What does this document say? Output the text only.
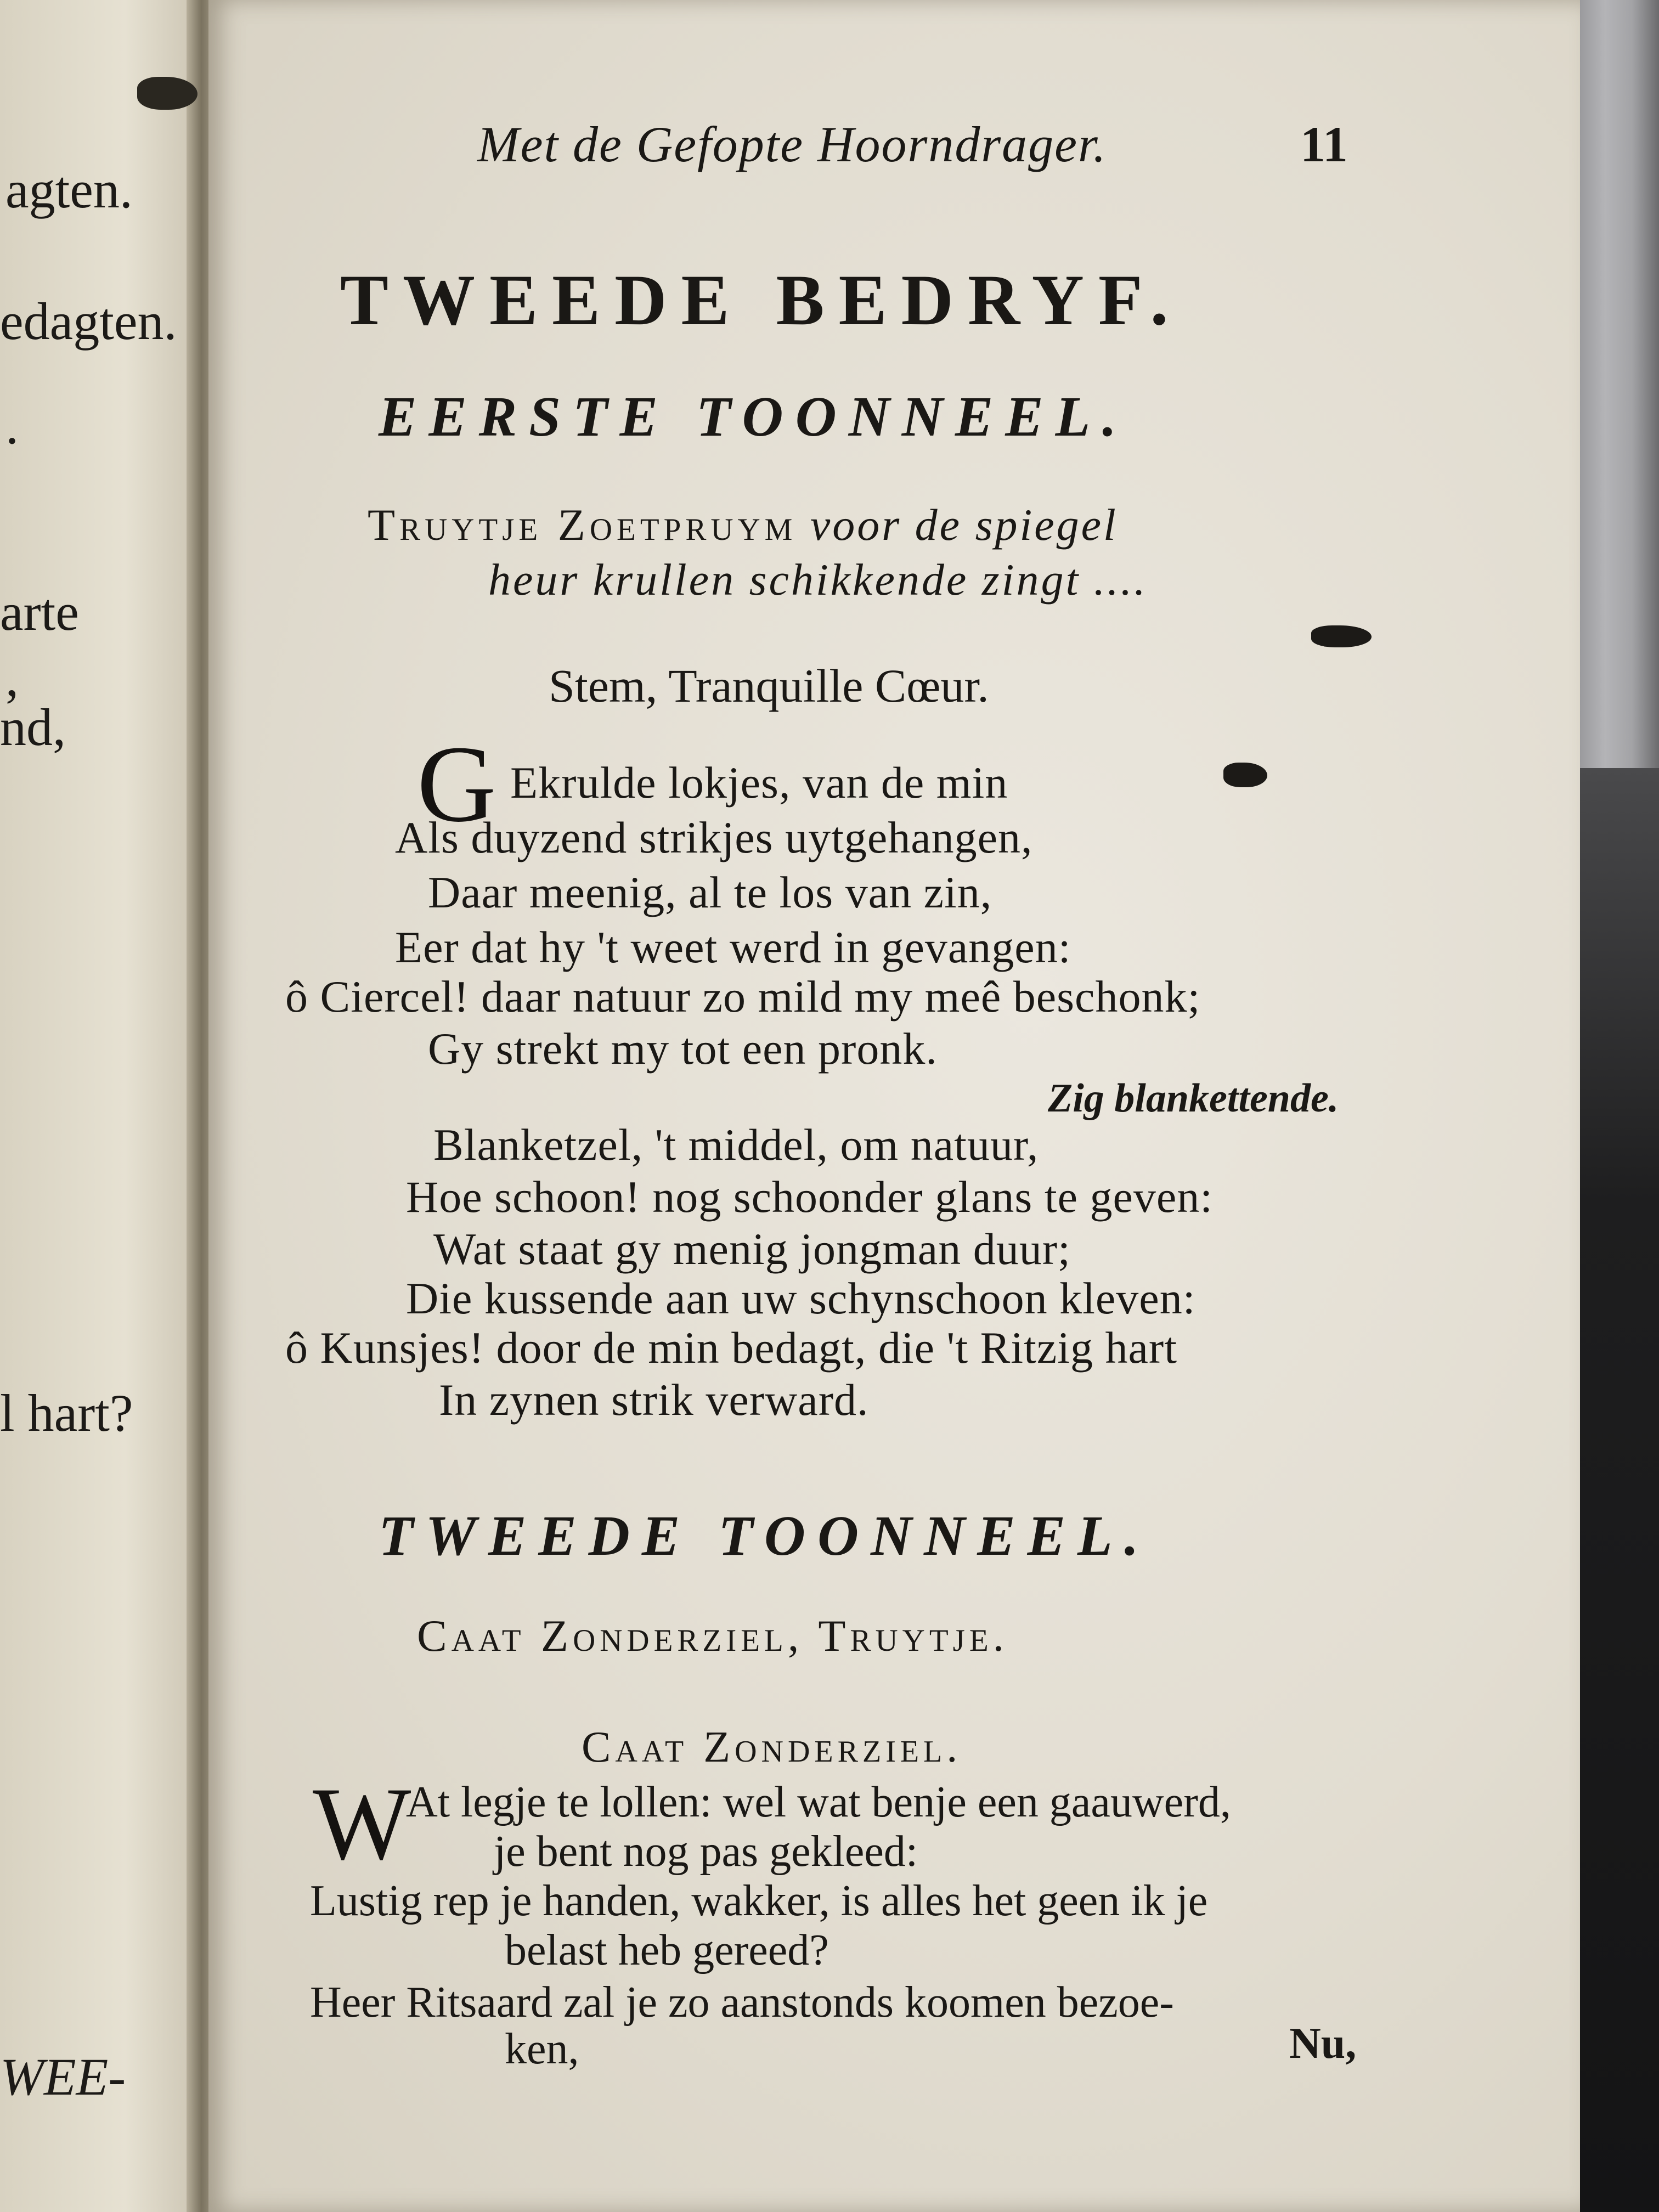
agten.
edagten.
.
arte
,
nd,
l hart?
WEE-
Met de Gefopte Hoorndrager.	11
TWEEDE BEDRYF.
EERSTE TOONNEEL.
Truytje Zoetpruym voor de spiegel
heur krullen schikkende zingt ....
Stem, Tranquille Cœur.
G Ekrulde lokjes, van de min
Als duyzend strikjes uytgehangen,
Daar meenig, al te los van zin,
Eer dat hy 't weet werd in gevangen:
ô Ciercel! daar natuur zo mild my meê beschonk;
Gy strekt my tot een pronk.
Zig blankettende.
Blanketzel, 't middel, om natuur,
Hoe schoon! nog schoonder glans te geven:
Wat staat gy menig jongman duur;
Die kussende aan uw schynschoon kleven:
ô Kunsjes! door de min bedagt, die 't Ritzig hart
In zynen strik verward.
TWEEDE TOONNEEL.
Caat Zonderziel, Truytje.
Caat Zonderziel.
W
At legje te lollen: wel wat benje een gaauwerd,
je bent nog pas gekleed:
Lustig rep je handen, wakker, is alles het geen ik je
belast heb gereed?
Heer Ritsaard zal je zo aanstonds koomen bezoe-
ken,	Nu,
